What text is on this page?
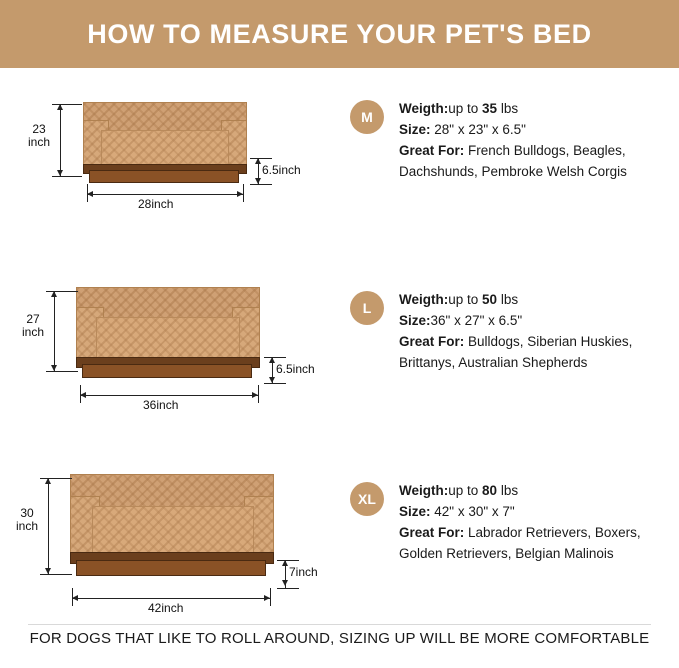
HOW TO MEASURE YOUR PET'S BED
28inch
23
inch
6.5inch
M
Weigth:up to 35 lbs
Size: 28" x 23" x 6.5"
Great For: French Bulldogs, Beagles, Dachshunds, Pembroke Welsh Corgis
36inch
27
inch
6.5inch
L
Weigth:up to 50 lbs
Size:36" x 27" x 6.5"
Great For: Bulldogs, Siberian Huskies, Brittanys, Australian Shepherds
42inch
30
inch
7inch
XL
Weigth:up to 80 lbs
Size: 42" x 30" x 7"
Great For: Labrador Retrievers, Boxers, Golden Retrievers, Belgian Malinois
FOR DOGS THAT LIKE TO ROLL AROUND, SIZING UP WILL BE MORE COMFORTABLE
